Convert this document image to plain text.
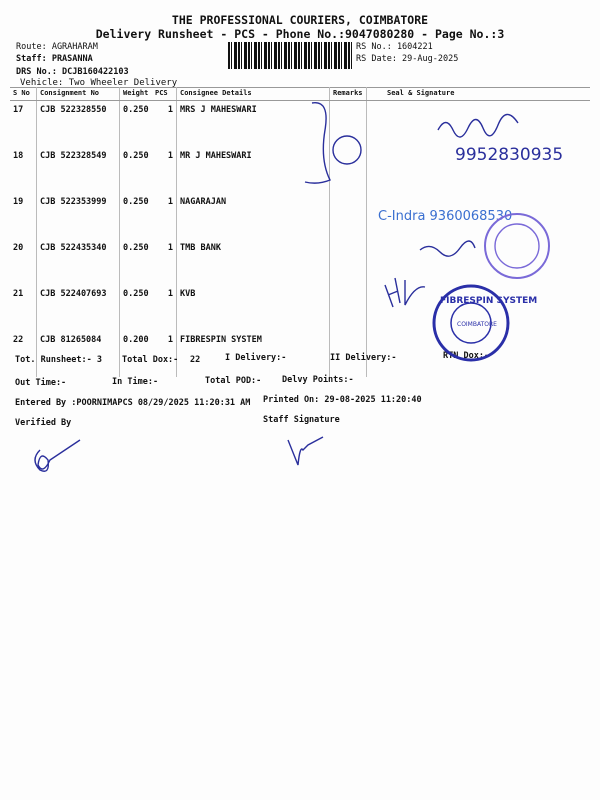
THE PROFESSIONAL COURIERS, COIMBATORE
Delivery Runsheet - PCS - Phone No.:9047080280 - Page No.:3
Route: AGRAHARAM
Staff: PRASANNA
DRS No.: DCJB160422103
Vehicle: Two Wheeler Delivery
RS No.: 1604221
RS Date: 29-Aug-2025
S No	Consignment No	Weight	PCS	Consignee Details	Remarks	Seal & Signature
17	CJB 522328550	0.250	1	MRS J MAHESWARI		
18	CJB 522328549	0.250	1	MR J MAHESWARI		
19	CJB 522353999	0.250	1	NAGARAJAN		
20	CJB 522435340	0.250	1	TMB BANK		
21	CJB 522407693	0.250	1	KVB		
22	CJB 81265084	0.200	1	FIBRESPIN SYSTEM		
Tot. Runsheet:- 3 Total Dox:- 22	I Delivery:-	II Delivery:-	RTN Dox:-
Out Time:-	In Time:-	Total POD:- Delvy Points:-
Entered By :POORNIMAPCS 08/29/2025 11:20:31 AM Printed On: 29-08-2025 11:20:40
Verified By	Staff Signature
9952830935
C-Indra 9360068530
FIBRESPIN SYSTEM
COIMBATORE
